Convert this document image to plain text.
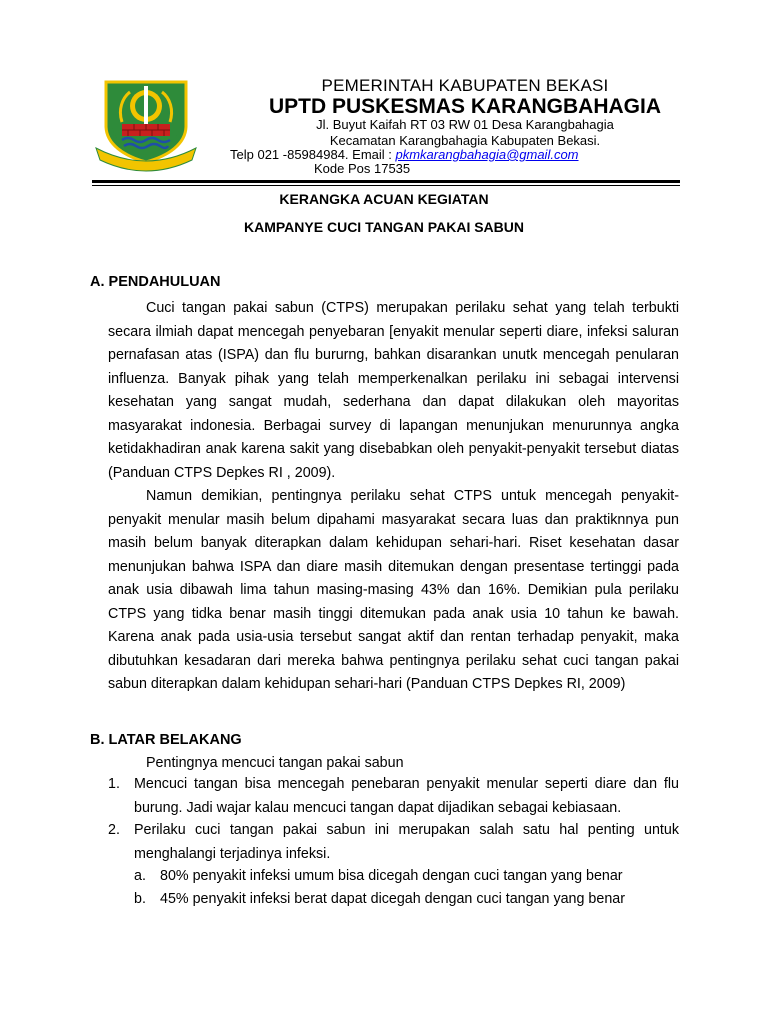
PEMERINTAH KABUPATEN BEKASI
UPTD PUSKESMAS KARANGBAHAGIA
Jl. Buyut Kaifah RT 03 RW 01 Desa Karangbahagia
Kecamatan Karangbahagia Kabupaten Bekasi.
Telp 021 -85984984. Email : pkmkarangbahagia@gmail.com
Kode Pos 17535
KERANGKA ACUAN KEGIATAN
KAMPANYE CUCI TANGAN PAKAI SABUN
A. PENDAHULUAN

Cuci tangan pakai sabun (CTPS) merupakan perilaku sehat yang telah terbukti secara ilmiah dapat mencegah penyebaran [enyakit menular seperti diare, infeksi saluran pernafasan atas (ISPA) dan flu bururng, bahkan disarankan unutk mencegah penularan influenza. Banyak pihak yang telah memperkenalkan perilaku ini sebagai intervensi kesehatan yang sangat mudah, sederhana dan dapat dilakukan oleh mayoritas masyarakat indonesia. Berbagai survey di lapangan menunjukan menurunnya angka ketidakhadiran anak karena sakit yang disebabkan oleh penyakit-penyakit tersebut diatas (Panduan CTPS Depkes RI , 2009).

Namun demikian, pentingnya perilaku sehat CTPS untuk mencegah penyakit-penyakit menular masih belum dipahami masyarakat secara luas dan praktiknnya pun masih belum banyak diterapkan dalam kehidupan sehari-hari. Riset kesehatan dasar menunjukan bahwa ISPA dan diare masih ditemukan dengan presentase tertinggi pada anak usia dibawah lima tahun masing-masing 43% dan 16%. Demikian pula perilaku CTPS yang tidka benar masih tinggi ditemukan pada anak usia 10 tahun ke bawah. Karena anak pada usia-usia tersebut sangat aktif dan rentan terhadap penyakit, maka dibutuhkan kesadaran dari mereka bahwa pentingnya perilaku sehat cuci tangan pakai sabun diterapkan dalam kehidupan sehari-hari (Panduan CTPS Depkes RI, 2009)

B. LATAR BELAKANG
Pentingnya mencuci tangan pakai sabun
1. Mencuci tangan bisa mencegah penebaran penyakit menular seperti diare dan flu burung. Jadi wajar kalau mencuci tangan dapat dijadikan sebagai kebiasaan.
2. Perilaku cuci tangan pakai sabun ini merupakan salah satu hal penting untuk menghalangi terjadinya infeksi.
a. 80% penyakit infeksi umum bisa dicegah dengan cuci tangan yang benar
b. 45% penyakit infeksi berat dapat dicegah dengan cuci tangan yang benar
